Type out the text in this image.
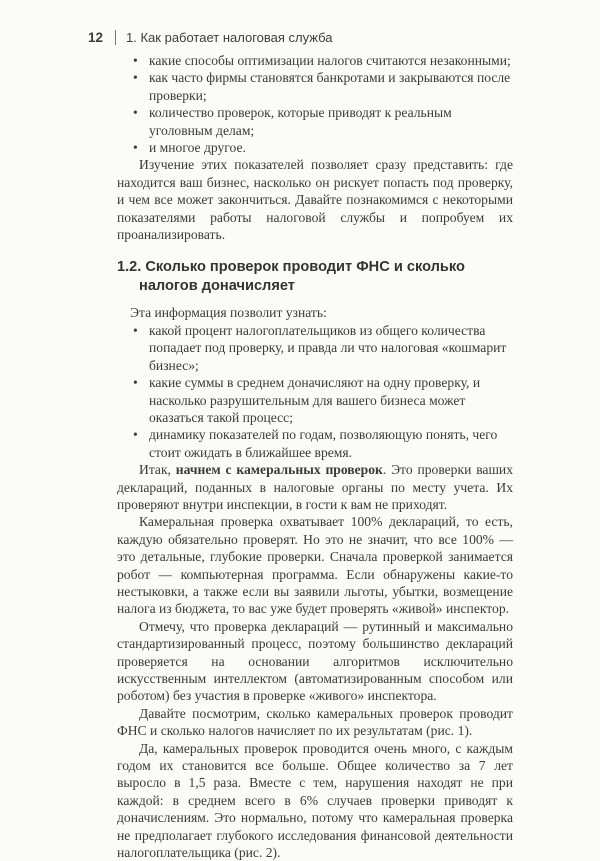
12 1. Как работает налоговая служба
• какие способы оптимизации налогов считаются незаконными;
• как часто фирмы становятся банкротами и закрываются после проверки;
• количество проверок, которые приводят к реальным уголовным делам;
• и многое другое.

Изучение этих показателей позволяет сразу представить: где находится ваш бизнес, насколько он рискует попасть под проверку, и чем все может закончиться. Давайте познакомимся с некоторыми показателями работы налоговой службы и попробуем их проанализировать.

1.2. Сколько проверок проводит ФНС и сколько налогов доначисляет

Эта информация позволит узнать:

• какой процент налогоплательщиков из общего количества попадает под проверку, и правда ли что налоговая «кошмарит бизнес»;
• какие суммы в среднем доначисляют на одну проверку, и насколько разрушительным для вашего бизнеса может оказаться такой процесс;
• динамику показателей по годам, позволяющую понять, чего стоит ожидать в ближайшее время.

Итак, начнем с камеральных проверок. Это проверки ваших деклараций, поданных в налоговые органы по месту учета. Их проверяют внутри инспекции, в гости к вам не приходят.

Камеральная проверка охватывает 100% деклараций, то есть, каждую обязательно проверят. Но это не значит, что все 100% — это детальные, глубокие проверки. Сначала проверкой занимается робот — компьютерная программа. Если обнаружены какие-то нестыковки, а также если вы заявили льготы, убытки, возмещение налога из бюджета, то вас уже будет проверять «живой» инспектор.

Отмечу, что проверка деклараций — рутинный и максимально стандартизированный процесс, поэтому большинство деклараций проверяется на основании алгоритмов исключительно искусственным интеллектом (автоматизированным способом или роботом) без участия в проверке «живого» инспектора.

Давайте посмотрим, сколько камеральных проверок проводит ФНС и сколько налогов начисляет по их результатам (рис. 1).

Да, камеральных проверок проводится очень много, с каждым годом их становится все больше. Общее количество за 7 лет выросло в 1,5 раза. Вместе с тем, нарушения находят не при каждой: в среднем всего в 6% случаев проверки приводят к доначислениям. Это нормально, потому что камеральная проверка не предполагает глубокого исследования финансовой деятельности налогоплательщика (рис. 2).
